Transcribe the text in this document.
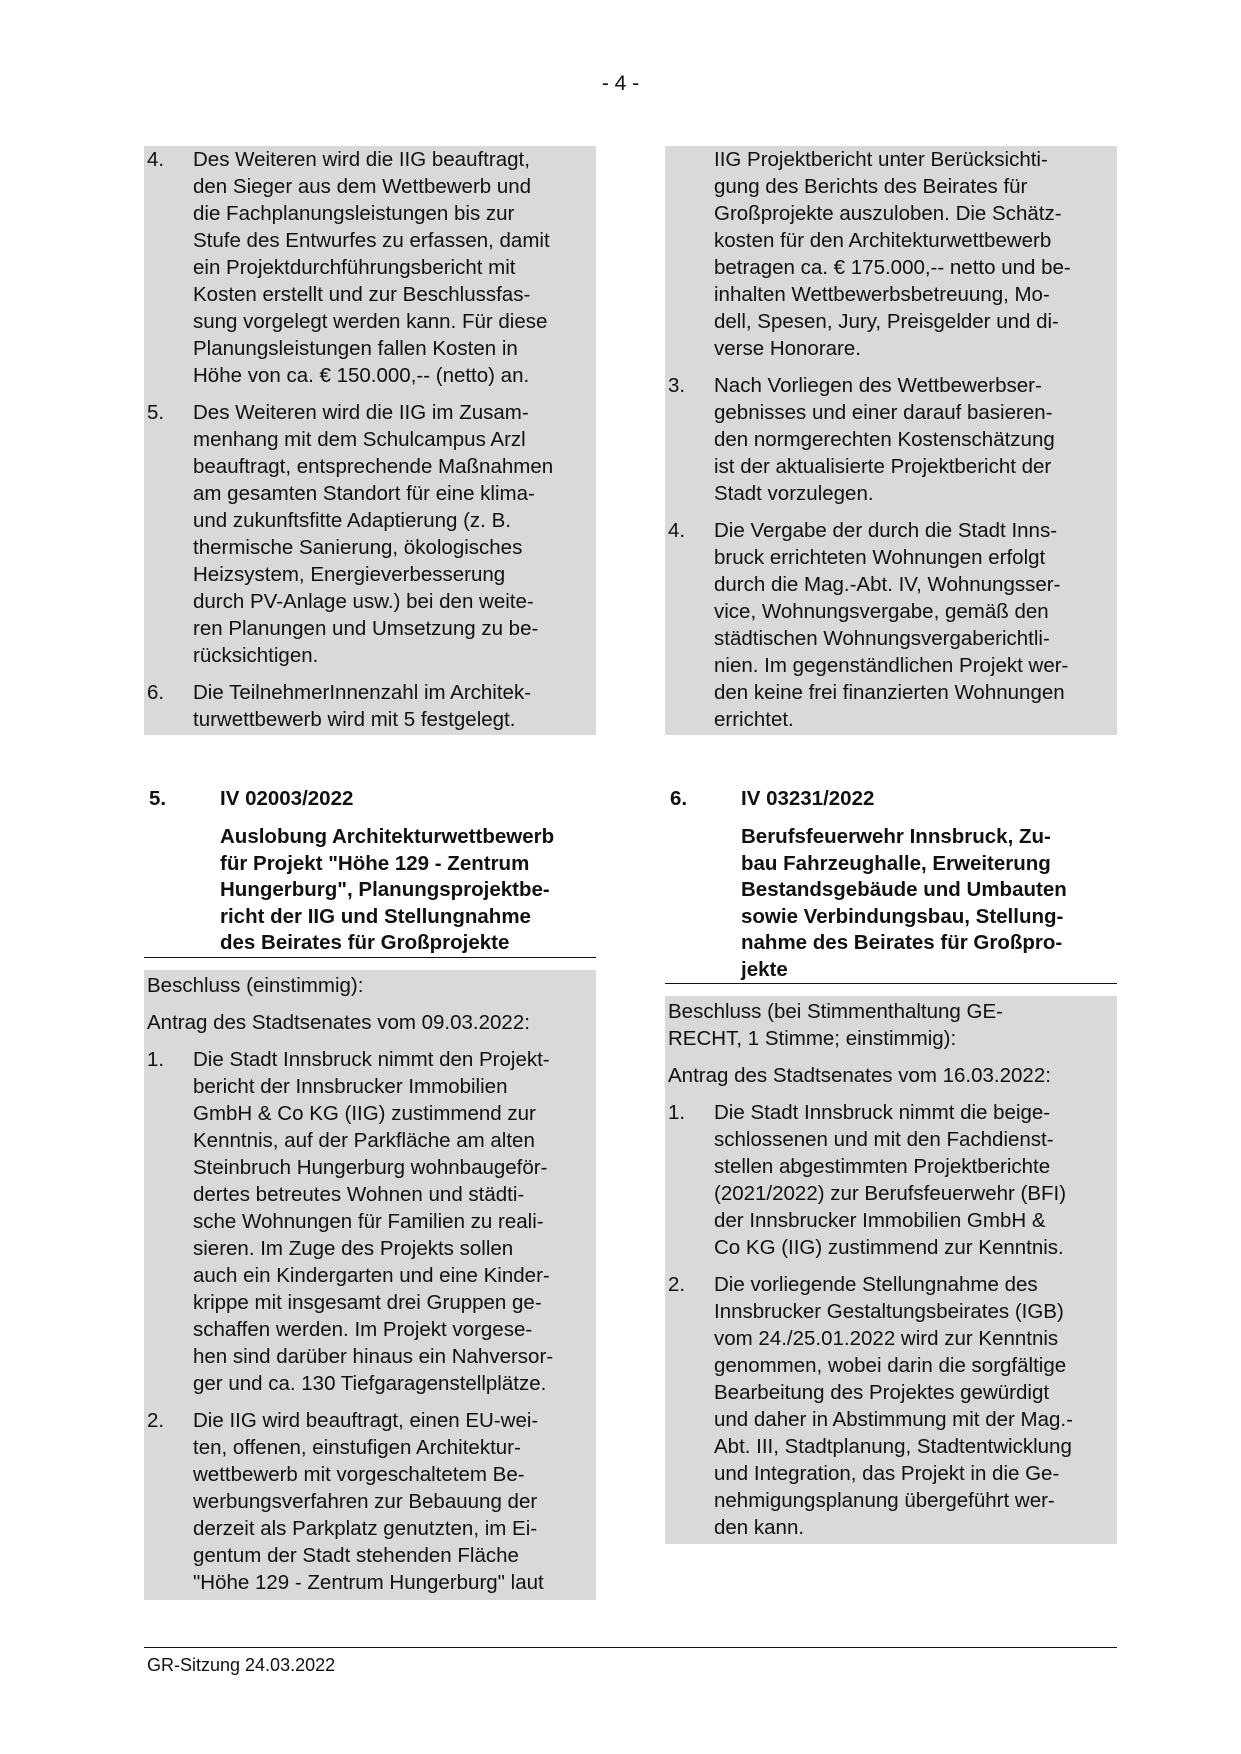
- 4 -
4. Des Weiteren wird die IIG beauftragt,
den Sieger aus dem Wettbewerb und
die Fachplanungsleistungen bis zur
Stufe des Entwurfes zu erfassen, damit
ein Projektdurchführungsbericht mit
Kosten erstellt und zur Beschlussfas-
sung vorgelegt werden kann. Für diese
Planungsleistungen fallen Kosten in
Höhe von ca. € 150.000,-- (netto) an.
5. Des Weiteren wird die IIG im Zusam-
menhang mit dem Schulcampus Arzl
beauftragt, entsprechende Maßnahmen
am gesamten Standort für eine klima-
und zukunftsfitte Adaptierung (z. B.
thermische Sanierung, ökologisches
Heizsystem, Energieverbesserung
durch PV-Anlage usw.) bei den weite-
ren Planungen und Umsetzung zu be-
rücksichtigen.
6. Die TeilnehmerInnenzahl im Architek-
turwettbewerb wird mit 5 festgelegt.
5.	IV 02003/2022
Auslobung Architekturwettbewerb
für Projekt "Höhe 129 - Zentrum
Hungerburg", Planungsprojektbe-
richt der IIG und Stellungnahme
des Beirates für Großprojekte
Beschluss (einstimmig):
Antrag des Stadtsenates vom 09.03.2022:
1. Die Stadt Innsbruck nimmt den Projekt-
bericht der Innsbrucker Immobilien
GmbH & Co KG (IIG) zustimmend zur
Kenntnis, auf der Parkfläche am alten
Steinbruch Hungerburg wohnbaugeför-
dertes betreutes Wohnen und städti-
sche Wohnungen für Familien zu reali-
sieren. Im Zuge des Projekts sollen
auch ein Kindergarten und eine Kinder-
krippe mit insgesamt drei Gruppen ge-
schaffen werden. Im Projekt vorgese-
hen sind darüber hinaus ein Nahversor-
ger und ca. 130 Tiefgaragenstellplätze.
2. Die IIG wird beauftragt, einen EU-wei-
ten, offenen, einstufigen Architektur-
wettbewerb mit vorgeschaltetem Be-
werbungsverfahren zur Bebauung der
derzeit als Parkplatz genutzten, im Ei-
gentum der Stadt stehenden Fläche
"Höhe 129 - Zentrum Hungerburg" laut
IIG Projektbericht unter Berücksichti-
gung des Berichts des Beirates für
Großprojekte auszuloben. Die Schätz-
kosten für den Architekturwettbewerb
betragen ca. € 175.000,-- netto und be-
inhalten Wettbewerbsbetreuung, Mo-
dell, Spesen, Jury, Preisgelder und di-
verse Honorare.
3. Nach Vorliegen des Wettbewerbser-
gebnisses und einer darauf basieren-
den normgerechten Kostenschätzung
ist der aktualisierte Projektbericht der
Stadt vorzulegen.
4. Die Vergabe der durch die Stadt Inns-
bruck errichteten Wohnungen erfolgt
durch die Mag.-Abt. IV, Wohnungsser-
vice, Wohnungsvergabe, gemäß den
städtischen Wohnungsvergaberichtli-
nien. Im gegenständlichen Projekt wer-
den keine frei finanzierten Wohnungen
errichtet.
6.	IV 03231/2022
Berufsfeuerwehr Innsbruck, Zu-
bau Fahrzeughalle, Erweiterung
Bestandsgebäude und Umbauten
sowie Verbindungsbau, Stellung-
nahme des Beirates für Großpro-
jekte
Beschluss (bei Stimmenthaltung GE-
RECHT, 1 Stimme; einstimmig):
Antrag des Stadtsenates vom 16.03.2022:
1. Die Stadt Innsbruck nimmt die beige-
schlossenen und mit den Fachdienst-
stellen abgestimmten Projektberichte
(2021/2022) zur Berufsfeuerwehr (BFI)
der Innsbrucker Immobilien GmbH &
Co KG (IIG) zustimmend zur Kenntnis.
2. Die vorliegende Stellungnahme des
Innsbrucker Gestaltungsbeirates (IGB)
vom 24./25.01.2022 wird zur Kenntnis
genommen, wobei darin die sorgfältige
Bearbeitung des Projektes gewürdigt
und daher in Abstimmung mit der Mag.-
Abt. III, Stadtplanung, Stadtentwicklung
und Integration, das Projekt in die Ge-
nehmigungsplanung übergeführt wer-
den kann.
GR-Sitzung 24.03.2022
